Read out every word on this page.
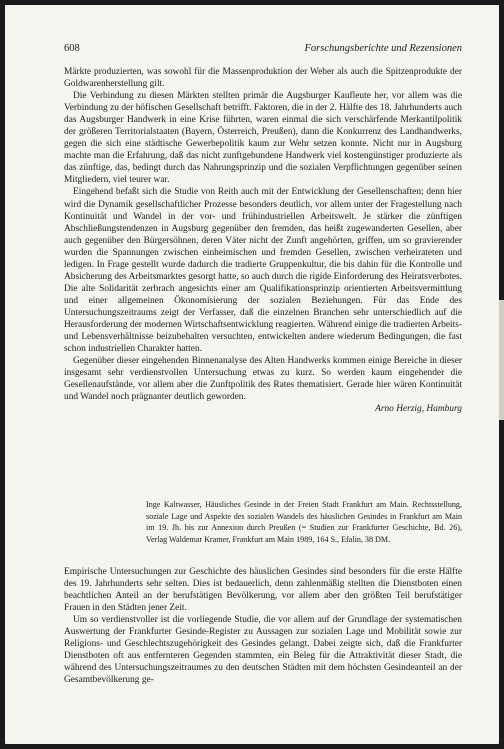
608	Forschungsberichte und Rezensionen

Märkte produzierten, was sowohl für die Massenproduktion der Weber als auch die Spitzenprodukte der Goldwarenherstellung gilt.

Die Verbindung zu diesen Märkten stellten primär die Augsburger Kaufleute her, vor allem was die Verbindung zu der höfischen Gesellschaft betrifft. Faktoren, die in der 2. Hälfte des 18. Jahrhunderts auch das Augsburger Handwerk in eine Krise führten, waren einmal die sich verschärfende Merkantilpolitik der größeren Territorialstaaten (Bayern, Österreich, Preußen), dann die Konkurrenz des Landhandwerks, gegen die sich eine städtische Gewerbepolitik kaum zur Wehr setzen konnte. Nicht nur in Augsburg machte man die Erfahrung, daß das nicht zunftgebundene Handwerk viel kostengünstiger produzierte als das zünftige, das, bedingt durch das Nahrungsprinzip und die sozialen Verpflichtungen gegenüber seinen Mitgliedern, viel teurer war.

Eingehend befaßt sich die Studie von Reith auch mit der Entwicklung der Gesellenschaften; denn hier wird die Dynamik gesellschaftlicher Prozesse besonders deutlich, vor allem unter der Fragestellung nach Kontinuität und Wandel in der vor- und frühindustriellen Arbeitswelt. Je stärker die zünftigen Abschließungstendenzen in Augsburg gegenüber den fremden, das heißt zugewanderten Gesellen, aber auch gegenüber den Bürgersöhnen, deren Väter nicht der Zunft angehörten, griffen, um so gravierender wurden die Spannungen zwischen einheimischen und fremden Gesellen, zwischen verheirateten und ledigen. In Frage gestellt wurde dadurch die tradierte Gruppenkultur, die bis dahin für die Kontrolle und Absicherung des Arbeitsmarktes gesorgt hatte, so auch durch die rigide Einforderung des Heiratsverbotes. Die alte Solidarität zerbrach angesichts einer am Qualifikationsprinzip orientierten Arbeitsvermittlung und einer allgemeinen Ökonomisierung der sozialen Beziehungen. Für das Ende des Untersuchungszeitraums zeigt der Verfasser, daß die einzelnen Branchen sehr unterschiedlich auf die Herausforderung der modernen Wirtschaftsentwicklung reagierten. Während einige die tradierten Arbeits- und Lebensverhältnisse beizubehalten versuchten, entwickelten andere wiederum Bedingungen, die fast schon industriellen Charakter hatten.

Gegenüber dieser eingehenden Binnenanalyse des Alten Handwerks kommen einige Bereiche in dieser insgesamt sehr verdienstvollen Untersuchung etwas zu kurz. So werden kaum eingehender die Gesellenaufstände, vor allem aber die Zunftpolitik des Rates thematisiert. Gerade hier wären Kontinuität und Wandel noch prägnanter deutlich geworden.

Arno Herzig, Hamburg

Inge Kaltwasser, Häusliches Gesinde in der Freien Stadt Frankfurt am Main. Rechtsstellung, soziale Lage und Aspekte des sozialen Wandels des häuslichen Gesindes in Frankfurt am Main im 19. Jh. bis zur Annexion durch Preußen (= Studien zur Frankfurter Geschichte, Bd. 26), Verlag Waldemar Kramer, Frankfurt am Main 1989, 164 S., Efalin, 38 DM.

Empirische Untersuchungen zur Geschichte des häuslichen Gesindes sind besonders für die erste Hälfte des 19. Jahrhunderts sehr selten. Dies ist bedauerlich, denn zahlenmäßig stellten die Dienstboten einen beachtlichen Anteil an der berufstätigen Bevölkerung, vor allem aber den größten Teil berufstätiger Frauen in den Städten jener Zeit.

Um so verdienstvoller ist die vorliegende Studie, die vor allem auf der Grundlage der systematischen Auswertung der Frankfurter Gesinde-Register zu Aussagen zur sozialen Lage und Mobilität sowie zur Religions- und Geschlechtszugehörigkeit des Gesindes gelangt. Dabei zeigte sich, daß die Frankfurter Dienstboten oft aus entfernteren Gegenden stammten, ein Beleg für die Attraktivität dieser Stadt, die während des Untersuchungszeitraumes zu den deutschen Städten mit dem höchsten Gesindeanteil an der Gesamtbevölkerung ge-
